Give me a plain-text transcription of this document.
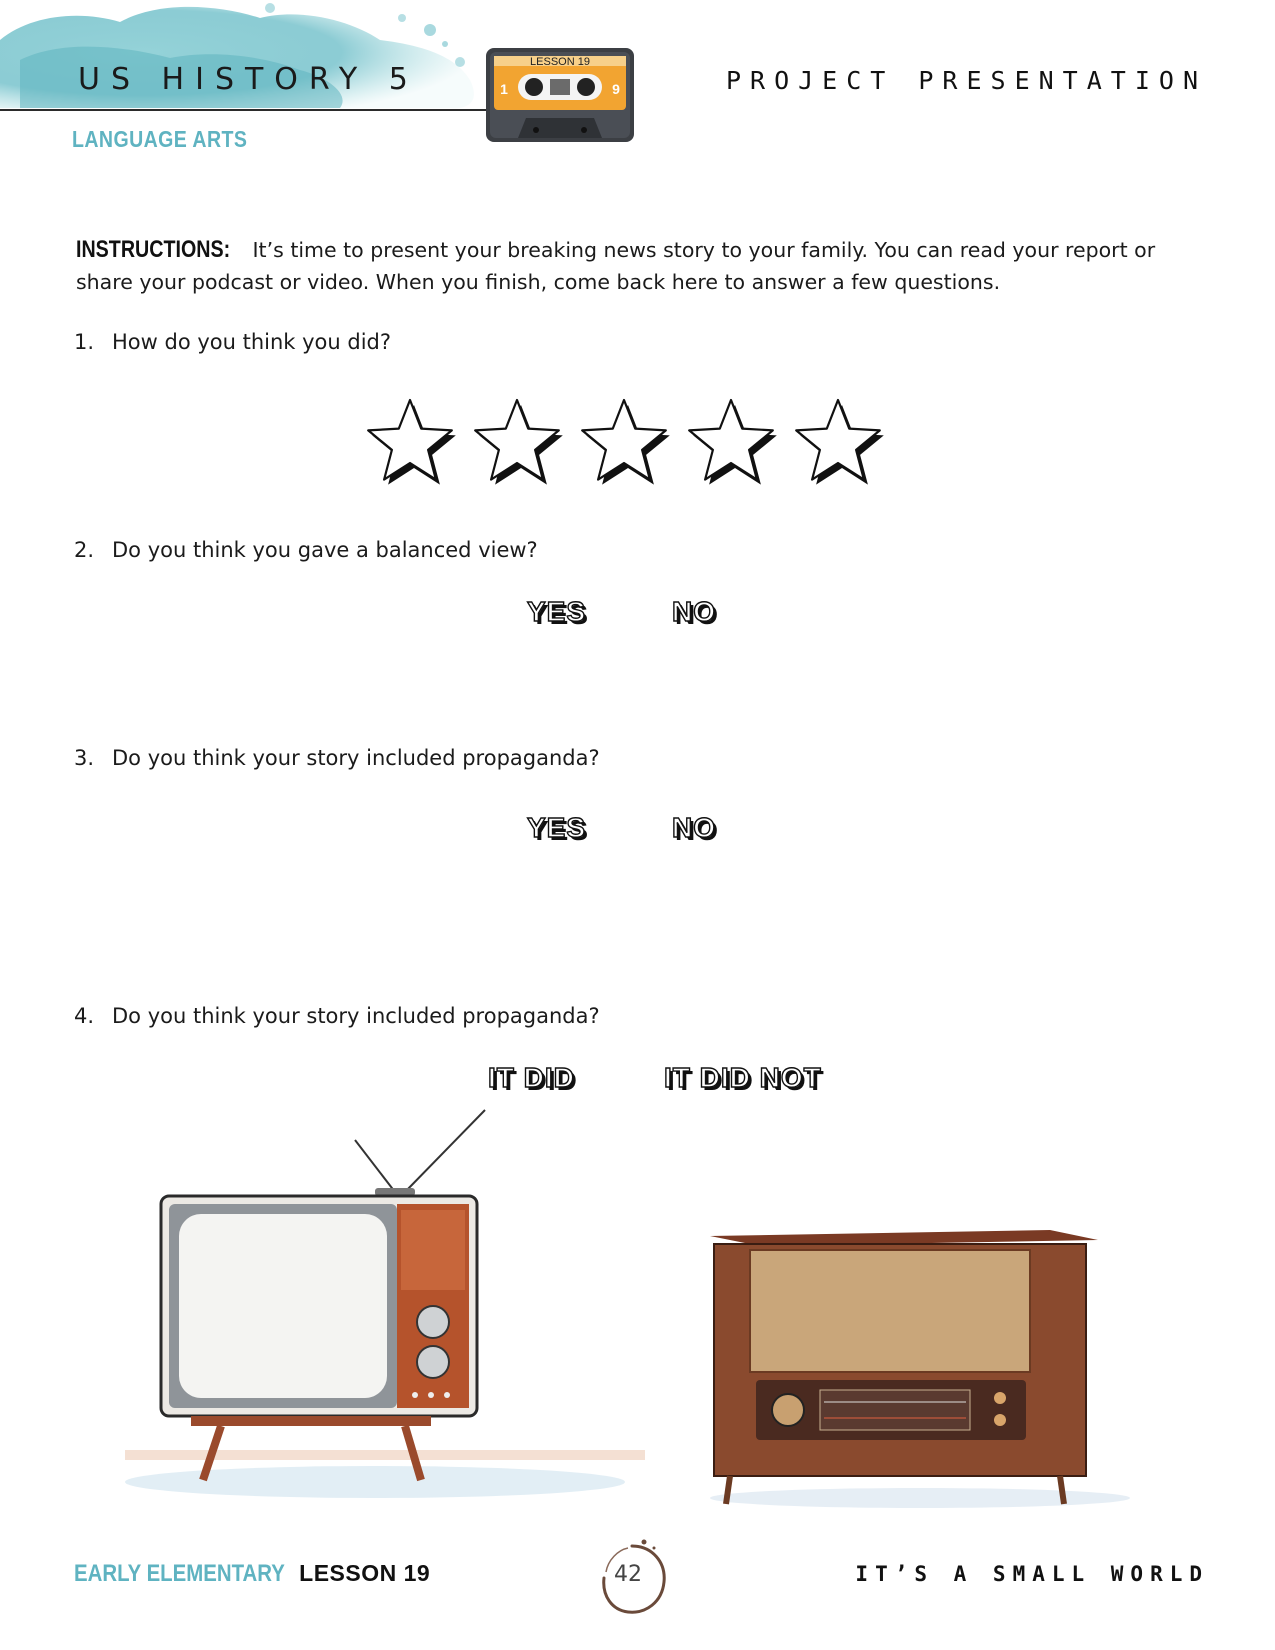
US HISTORY 5
LANGUAGE ARTS
LESSON 19
1	9	PROJECT PRESENTATION
INSTRUCTIONS: It’s time to present your breaking news story to your family. You can read your report or share your podcast or video. When you finish, come back here to answer a few questions.
1. How do you think you did?
2. Do you think you gave a balanced view?
YES	NO
3. Do you think your story included propaganda?
YES	NO
4. Do you think your story included propaganda?
IT DID	IT DID NOT
EARLY ELEMENTARY LESSON 19	42	IT’S A SMALL WORLD
